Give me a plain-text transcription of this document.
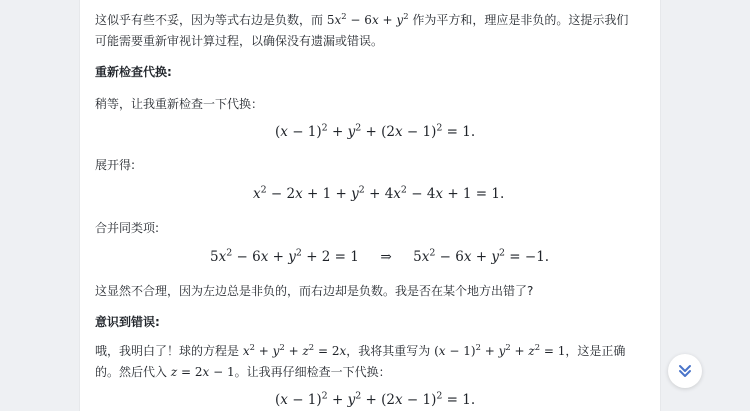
这似乎有些不妥，因为等式右边是负数，而 $5x^2 - 6x + y^2$ 作为平方和，理应是非负的。这提示我们
可能需要重新审视计算过程，以确保没有遗漏或错误。
重新检查代换:
稍等，让我重新检查一下代换：
$(x - 1)^2 + y^2 + (2x - 1)^2 = 1$.
展开得:
$x^2 - 2x + 1 + y^2 + 4x^2 - 4x + 1 = 1$.
合并同类项:
$5x^2 - 6x + y^2 + 2 = 1$     ⇒     $5x^2 - 6x + y^2 = -1$.
这显然不合理，因为左边总是非负的，而右边却是负数。我是否在某个地方出错了?
意识到错误:
哦，我明白了！球的方程是 $x^2 + y^2 + z^2 = 2x$，我将其重写为 $(x - 1)^2 + y^2 + z^2 = 1$，这是正确
的。然后代入 z = 2x − 1。让我再仔细检查一下代换：
$(x - 1)^2 + y^2 + (2x - 1)^2 = 1$.
